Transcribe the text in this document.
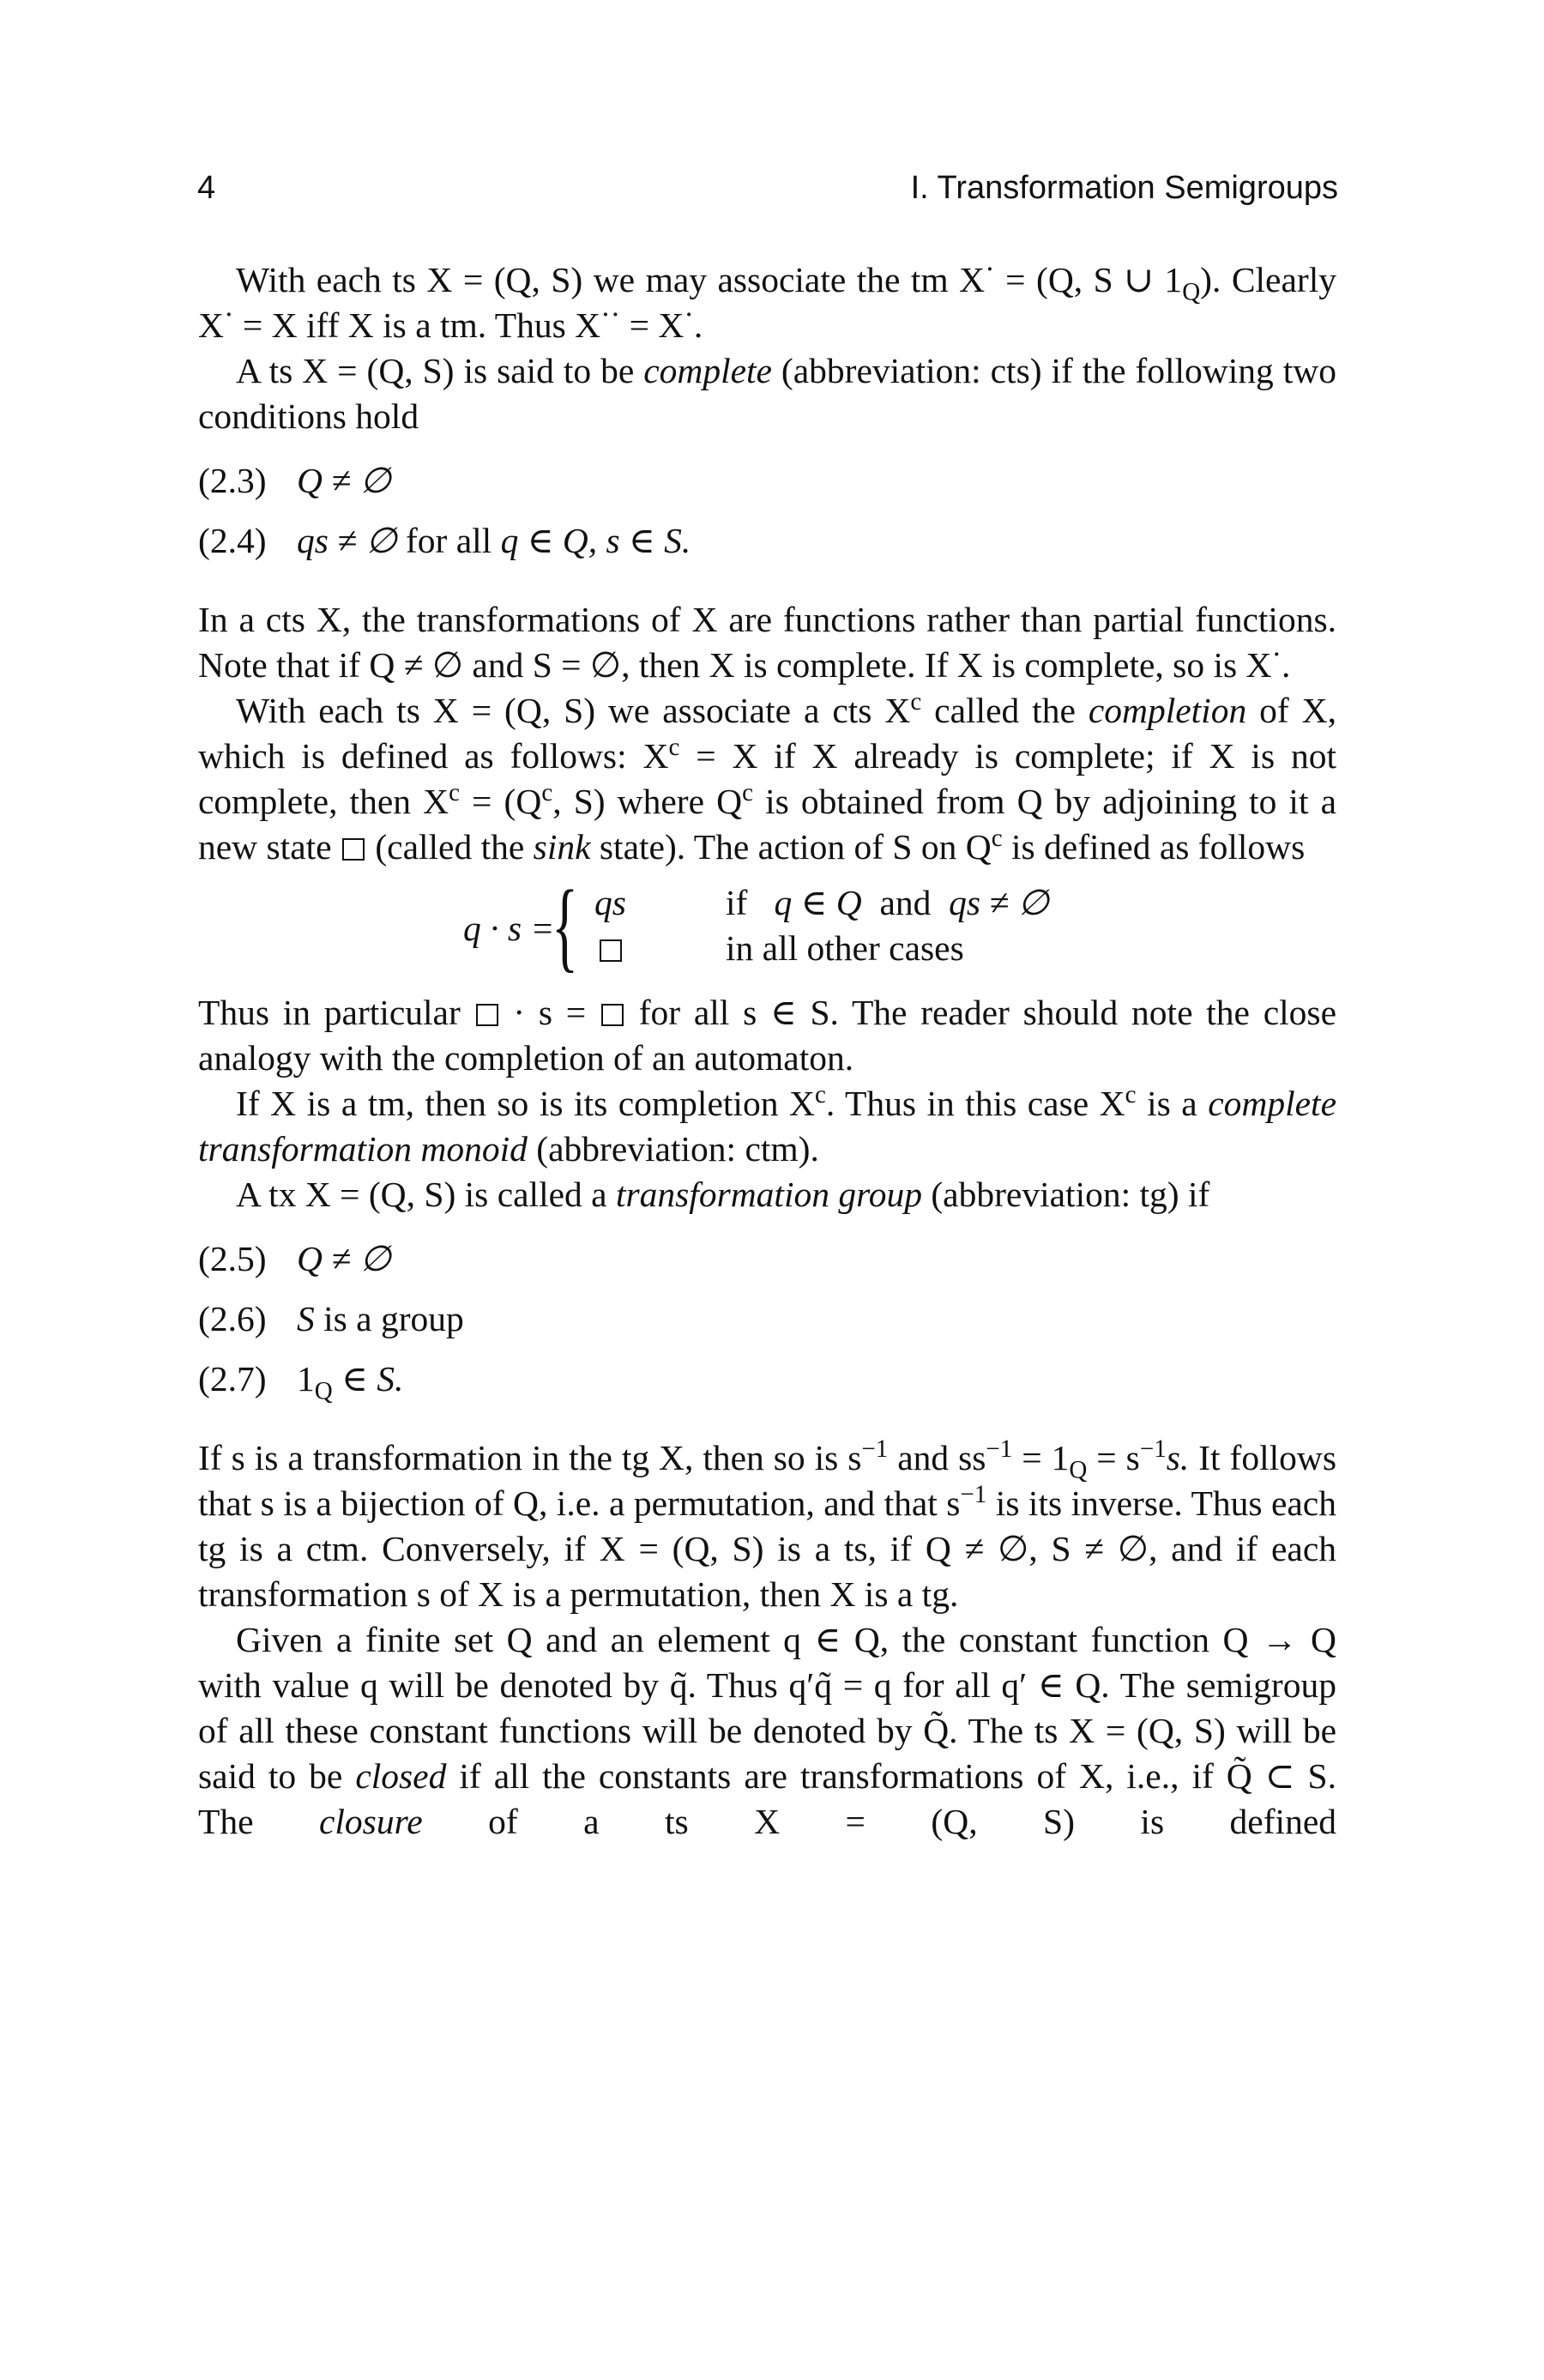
4	I. Transformation Semigroups

With each ts X = (Q, S) we may associate the tm X· = (Q, S ∪ $1_Q$). Clearly X· = X iff X is a tm. Thus X·· = X·.

A ts X = (Q, S) is said to be complete (abbreviation: cts) if the following two conditions hold

(2.3) Q ≠ ∅
(2.4) qs ≠ ∅ for all q ∈ Q, s ∈ S.

In a cts X, the transformations of X are functions rather than partial functions. Note that if Q ≠ ∅ and S = ∅, then X is complete. If X is complete, so is X·.

With each ts X = (Q, S) we associate a cts $X^c$ called the completion of X, which is defined as follows: $X^c = X$ if X already is complete; if X is not complete, then $X^c = (Q^c$, S) where $Q^c$ is obtained from Q by adjoining to it a new state  (called the sink state). The action of S on $Q^c$ is defined as follows

q · s =
{ qs	if q ∈ Q and qs ≠ ∅
in all other cases

Thus in particular  · s =  for all s ∈ S. The reader should note the close analogy with the completion of an automaton.

If X is a tm, then so is its completion $X^c$. Thus in this case $X^c$ is a complete transformation monoid (abbreviation: ctm).

A tx X = (Q, S) is called a transformation group (abbreviation: tg) if

(2.5) Q ≠ ∅
(2.6) S is a group
(2.7) $1_Q$ ∈ S.

If s is a transformation in the tg X, then so is $s^{-1}$ and $ss^{-1} = 1_Q = s^{-1}s$. It follows that s is a bijection of Q, i.e. a permutation, and that $s^{-1}$ is its inverse. Thus each tg is a ctm. Conversely, if X = (Q, S) is a ts, if Q ≠ ∅, S ≠ ∅, and if each transformation s of X is a permutation, then X is a tg.

Given a finite set Q and an element q ∈ Q, the constant function Q → Q with value q will be denoted by q̃. Thus q′q̃ = q for all q′ ∈ Q. The semigroup of all these constant functions will be denoted by Q̃. The ts X = (Q, S) will be said to be closed if all the constants are transformations of X, i.e., if Q̃ ⊂ S. The closure of a ts X = (Q, S) is defined
